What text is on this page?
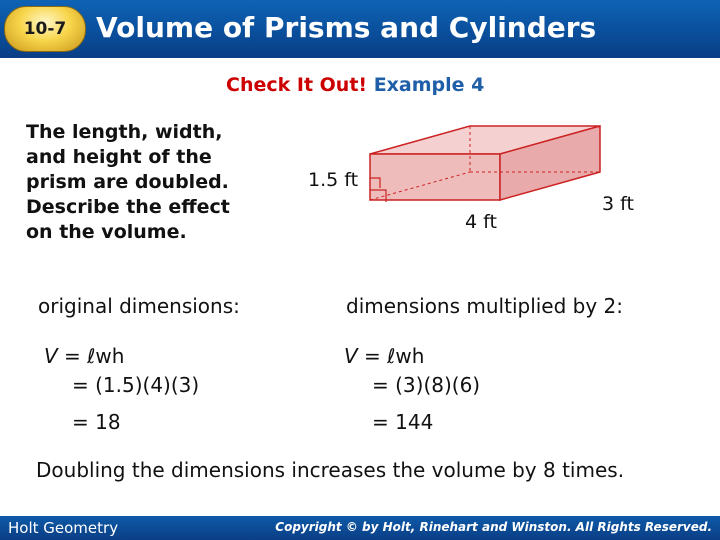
10-7 Volume of Prisms and Cylinders
Check It Out! Example 4
The length, width,
and height of the
prism are doubled.
Describe the effect
on the volume.
1.5 ft
4 ft
3 ft
original dimensions:	dimensions multiplied by 2:
V = ℓwh
= (1.5)(4)(3)
= 18
V = ℓwh
= (3)(8)(6)
= 144
Doubling the dimensions increases the volume by 8 times.
Holt Geometry	Copyright © by Holt, Rinehart and Winston. All Rights Reserved.
